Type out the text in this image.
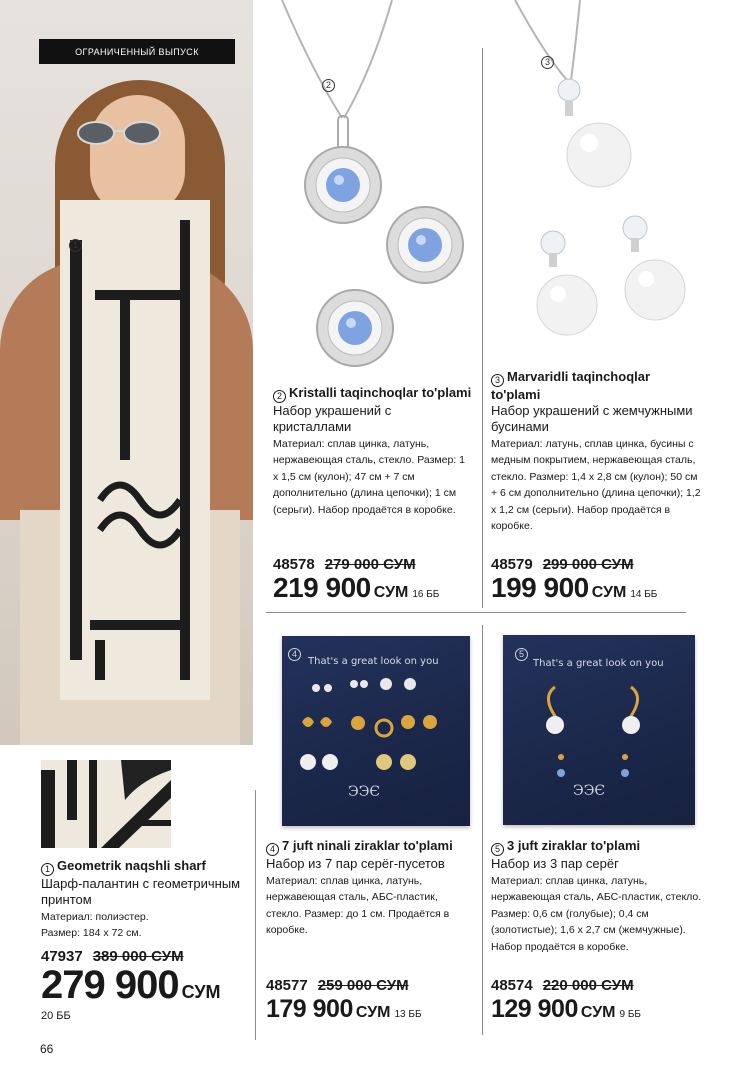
1
ОГРАНИЧЕННЫЙ ВЫПУСК
2
3
2 Kristalli taqinchoqlar to'plami
Набор украшений с кристаллами
Материал: сплав цинка, латунь, нержавеющая сталь, стекло. Размер: 1 х 1,5 см (кулон); 47 см + 7 см дополнительно (длина цепочки); 1 см (серьги). Набор продаётся в коробке.
48578 279 000 СУМ
219 900 СУМ 16 ББ
3 Marvaridli taqinchoqlar to'plami
Набор украшений с жемчужными бусинами
Материал: латунь, сплав цинка, бусины с медным покрытием, нержавеющая сталь, стекло. Размер: 1,4 х 2,8 см (кулон); 50 см + 6 см дополнительно (длина цепочки); 1,2 х 1,2 см (серьги). Набор продаётся в коробке.
48579 299 000 СУМ
199 900 СУМ 14 ББ
4
That's a great look on you
ЭЭЄ
5
That's a great look on you
ЭЭЄ
1 Geometrik naqshli sharf
Шарф-палантин с геометричным принтом
Материал: полиэстер.
Размер: 184 х 72 см.
47937 389 000 СУМ
279 900 СУМ
20 ББ
4 7 juft ninali ziraklar to'plami
Набор из 7 пар серёг-пусетов
Материал: сплав цинка, латунь, нержавеющая сталь, АБС-пластик, стекло. Размер: до 1 см. Продаётся в коробке.
48577 259 000 СУМ
179 900 СУМ 13 ББ
5 3 juft ziraklar to'plami
Набор из 3 пар серёг
Материал: сплав цинка, латунь, нержавеющая сталь, АБС-пластик, стекло. Размер: 0,6 см (голубые); 0,4 см (золотистые); 1,6 х 2,7 см (жемчужные). Набор продаётся в коробке.
48574 220 000 СУМ
129 900 СУМ 9 ББ
66
